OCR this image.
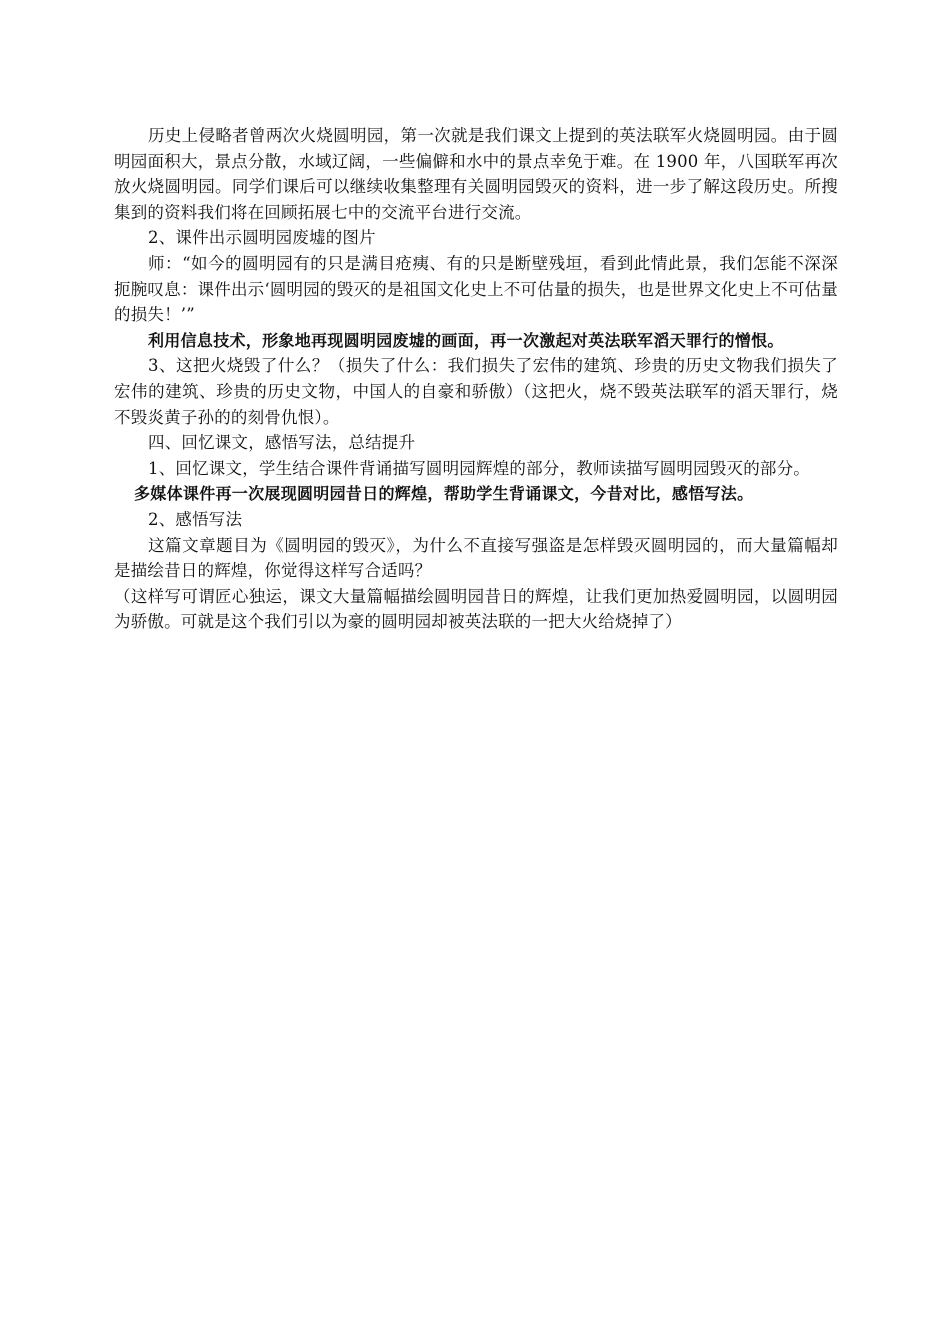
历史上侵略者曾两次火烧圆明园，第一次就是我们课文上提到的英法联军火烧圆明园。由于圆明园面积大，景点分散，水域辽阔，一些偏僻和水中的景点幸免于难。在 1900 年，八国联军再次放火烧圆明园。同学们课后可以继续收集整理有关圆明园毁灭的资料，进一步了解这段历史。所搜集到的资料我们将在回顾拓展七中的交流平台进行交流。

2、课件出示圆明园废墟的图片

师：“如今的圆明园有的只是满目疮痍、有的只是断壁残垣，看到此情此景，我们怎能不深深扼腕叹息：课件出示‘圆明园的毁灭的是祖国文化史上不可估量的损失，也是世界文化史上不可估量的损失！’”

利用信息技术，形象地再现圆明园废墟的画面，再一次激起对英法联军滔天罪行的憎恨。

3、这把火烧毁了什么？（损失了什么：我们损失了宏伟的建筑、珍贵的历史文物我们损失了宏伟的建筑、珍贵的历史文物，中国人的自豪和骄傲）（这把火，烧不毁英法联军的滔天罪行，烧不毁炎黄子孙的的刻骨仇恨）。

四、回忆课文，感悟写法，总结提升

1、回忆课文，学生结合课件背诵描写圆明园辉煌的部分，教师读描写圆明园毁灭的部分。

多媒体课件再一次展现圆明园昔日的辉煌，帮助学生背诵课文，今昔对比，感悟写法。

2、感悟写法

这篇文章题目为《圆明园的毁灭》，为什么不直接写强盗是怎样毁灭圆明园的，而大量篇幅却是描绘昔日的辉煌，你觉得这样写合适吗？

（这样写可谓匠心独运，课文大量篇幅描绘圆明园昔日的辉煌，让我们更加热爱圆明园，以圆明园为骄傲。可就是这个我们引以为豪的圆明园却被英法联的一把大火给烧掉了）
